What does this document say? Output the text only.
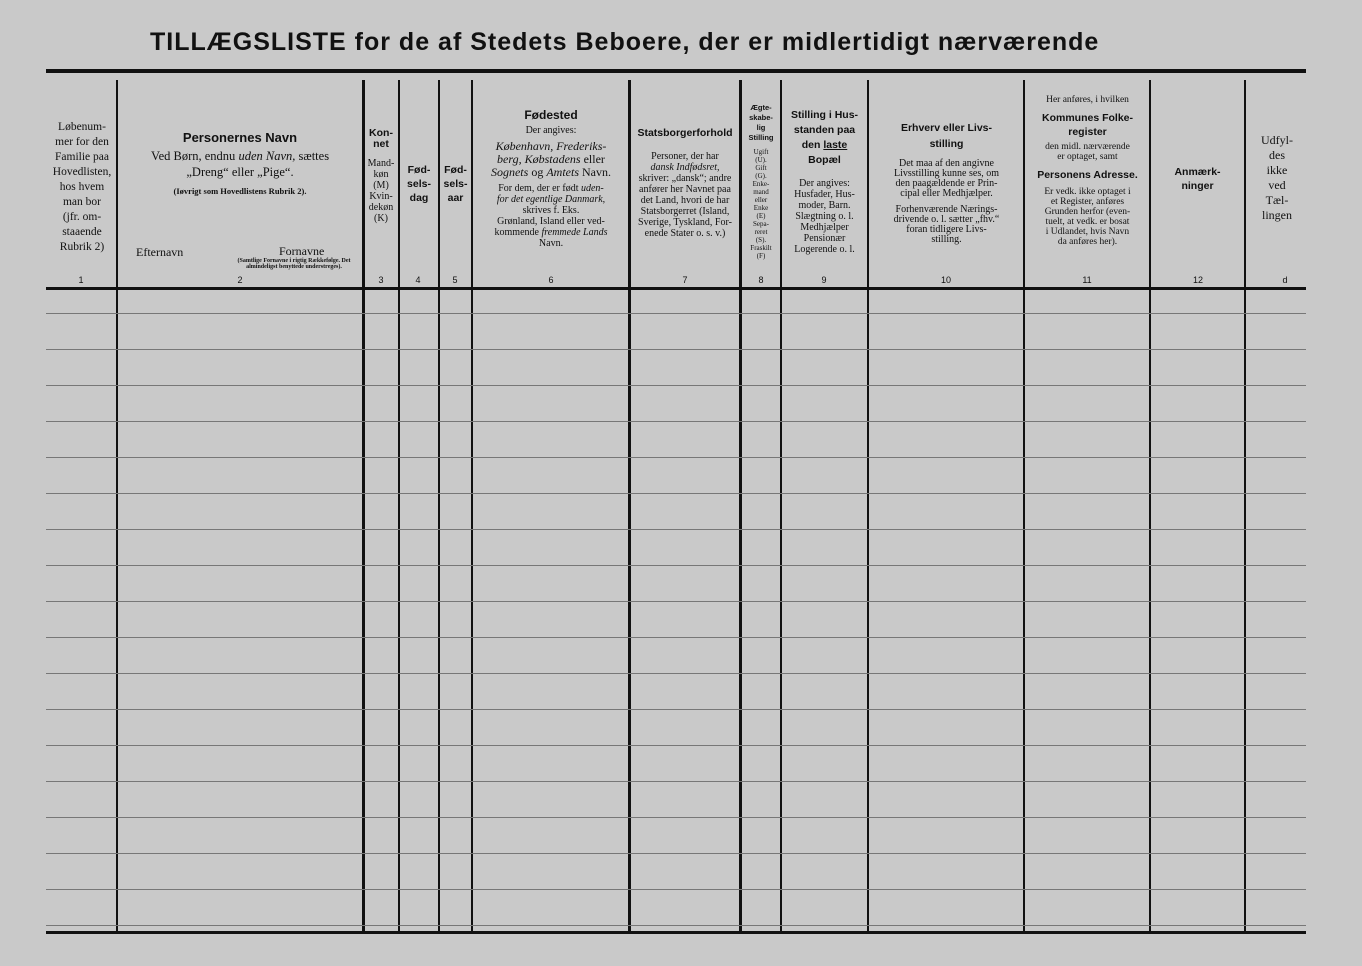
TILLÆGSLISTE for de af Stedets Beboere, der er midlertidigt nærværende
Løbenum-
mer for den
Familie paa
Hovedlisten,
hos hvem
man bor
(jfr. om-
staaende
Rubrik 2)
1
Personernes Navn
Ved Børn, endnu uden Navn, sættes
„Dreng“ eller „Pige“.
(Iøvrigt som Hovedlistens Rubrik 2).
Efternavn	Fornavne
(Samtlige Fornavne i rigtig Rækkefølge. Det almindeligst benyttede understreges).
2
Kon-
net
Mand-
køn
(M)
Kvin-
dekøn
(K)
3
Fød-
sels-
dag
4
Fød-
sels-
aar
5
Fødested
Der angives:
København, Frederiks-
berg, Købstadens eller
Sognets og Amtets Navn.
For dem, der er født uden-
for det egentlige Danmark,
skrives f. Eks.
Grønland, Island eller ved-
kommende fremmede Lands
Navn.
6
Statsborgerforhold
Personer, der har
dansk Indfødsret,
skriver: „dansk“; andre
anfører her Navnet paa
det Land, hvori de har
Statsborgerret (Island,
Sverige, Tyskland, For-
enede Stater o. s. v.)
7
Ægte-
skabe-
lig
Stilling
Ugift
(U).
Gift
(G).
Enke-
mand
eller
Enke
(E)
Sepa-
reret
(S).
Fraskilt
(F)
8
Stilling i Hus-
standen paa
den laste
Bopæl
Der angives:
Husfader, Hus-
moder, Barn.
Slægtning o. l.
Medhjælper
Pensionær
Logerende o. l.
9
Erhverv eller Livs-
stilling
Det maa af den angivne
Livsstilling kunne ses, om
den paagældende er Prin-
cipal eller Medhjælper.
Forhenværende Nærings-
drivende o. l. sætter „fhv.“
foran tidligere Livs-
stilling.
10
Her anføres, i hvilken
Kommunes Folke-
register
den midl. nærværende
er optaget, samt
Personens Adresse.
Er vedk. ikke optaget i
et Register, anføres
Grunden herfor (even-
tuelt, at vedk. er bosat
i Udlandet, hvis Navn
da anføres her).
11
Anmærk-
ninger
12
Udfyl-
des
ikke
ved
Tæl-
lingen
d
